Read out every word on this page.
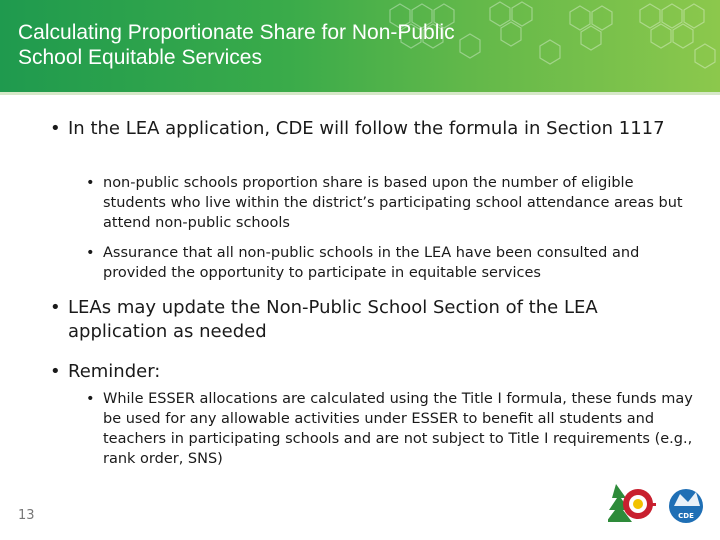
Calculating Proportionate Share for Non-Public School Equitable Services
• In the LEA application, CDE will follow the formula in Section 1117
• non-public schools proportion share is based upon the number of eligible students who live within the district’s participating school attendance areas but attend non-public schools
• Assurance that all non-public schools in the LEA have been consulted and provided the opportunity to participate in equitable services
• LEAs may update the Non-Public School Section of the LEA application as needed
• Reminder:
• While ESSER allocations are calculated using the Title I formula, these funds may be used for any allowable activities under ESSER to benefit all students and teachers in participating schools and are not subject to Title I requirements (e.g., rank order, SNS)
13	CDE
